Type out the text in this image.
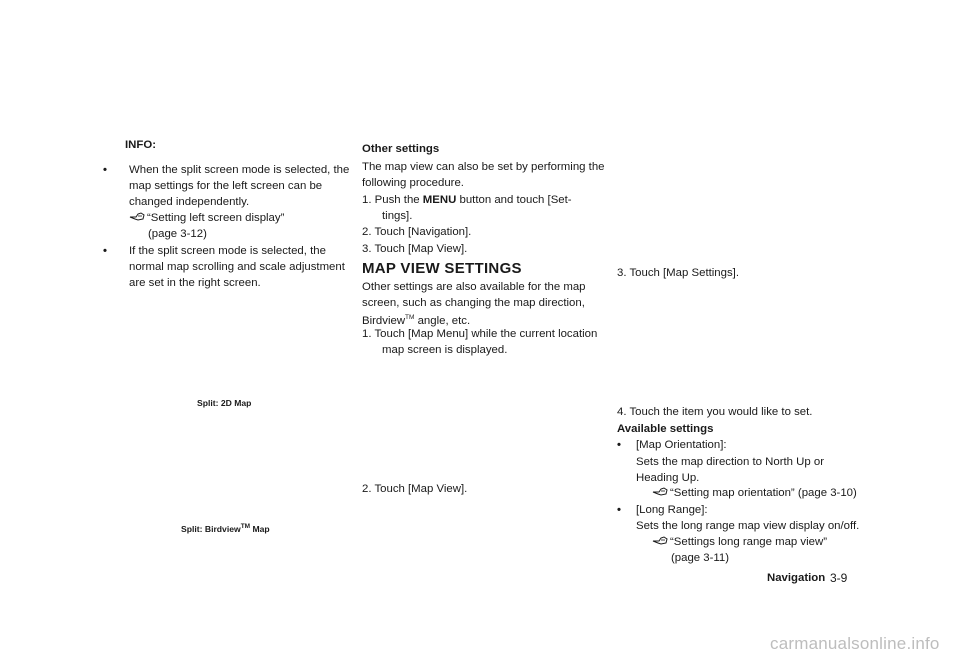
INFO:
• When the split screen mode is selected, the
map settings for the left screen can be
changed independently.
“Setting left screen display”
(page 3-12)
• If the split screen mode is selected, the
normal map scrolling and scale adjustment
are set in the right screen.
Split: 2D Map
Split: Birdview™ Map
Other settings
The map view can also be set by performing the
following procedure.
1. Push the MENU button and touch [Set-
tings].
2. Touch [Navigation].
3. Touch [Map View].
MAP VIEW SETTINGS
Other settings are also available for the map
screen, such as changing the map direction,
Birdview™ angle, etc.
1. Touch [Map Menu] while the current location
map screen is displayed.
2. Touch [Map View].
3. Touch [Map Settings].
4. Touch the item you would like to set.
Available settings
• [Map Orientation]:
Sets the map direction to North Up or
Heading Up.
“Setting map orientation” (page 3-10)
• [Long Range]:
Sets the long range map view display on/off.
“Settings long range map view”
(page 3-11)
Navigation 3-9
carmanualsonline.info
